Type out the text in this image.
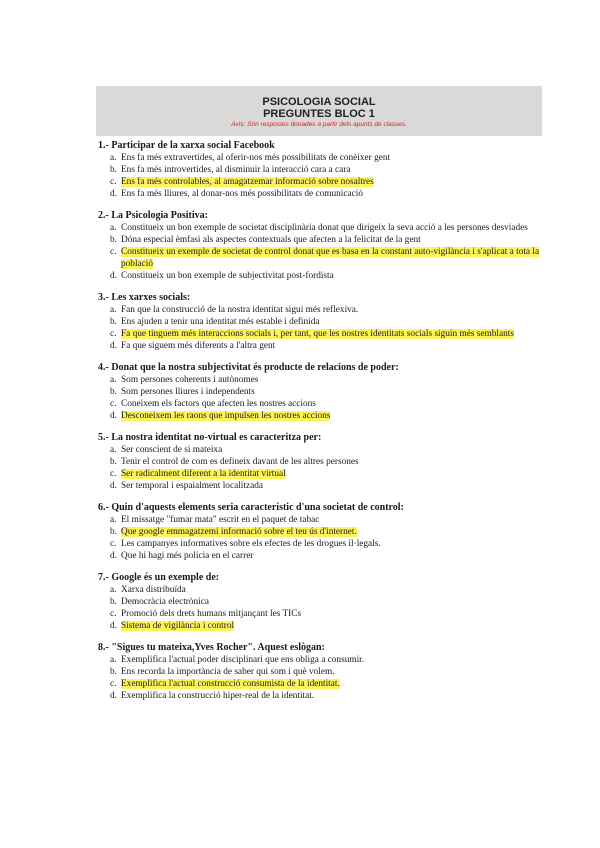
PSICOLOGIA SOCIAL
PREGUNTES BLOC 1
Avís: Són respostes donades a partir dels apunts de classes.
1.- Participar de la xarxa social Facebook
a. Ens fa més extravertides, al oferir-nos més possibilitats de conèixer gent
b. Ens fa més introvertides, al disminuir la interacció cara a cara
c. Ens fa més controlables, al amagatzemar informació sobre nosaltres
d. Ens fa més lliures, al donar-nos més possibilitats de comunicació
2.- La Psicologia Positiva:
a. Constitueix un bon exemple de societat disciplinària donat que dirigeix la seva acció a les persones desviades
b. Dóna especial èmfasi als aspectes contextuals que afecten a la felicitat de la gent
c. Constitueix un exemple de societat de control donat que es basa en la constant auto-vigilància i s'aplicat a tota la població
d. Constitueix un bon exemple de subjectivitat post-fordista
3.- Les xarxes socials:
a. Fan que la construcció de la nostra identitat sigui més reflexiva.
b. Ens ajuden a tenir una identitat més estable i definida
c. Fa que tinguem més interaccions socials i, per tant, que les nostres identitats socials siguin més semblants
d. Fa que siguem més diferents a l'altra gent
4.- Donat que la nostra subjectivitat és producte de relacions de poder:
a. Som persones coherents i autònomes
b. Som persones lliures i independents
c. Coneixem els factors que afecten les nostres accions
d. Desconeixem les raons que impulsen les nostres accions
5.- La nostra identitat no-virtual es caracteritza per:
a. Ser conscient de si mateixa
b. Tenir el control de com es defineix davant de les altres persones
c. Ser radicalment diferent a la identitat virtual
d. Ser temporal i espaialment localitzada
6.- Quin d'aquests elements seria característic d'una societat de control:
a. El missatge "fumar mata" escrit en el paquet de tabac
b. Que google emmagatzemi informació sobre el teu ús d'internet.
c. Les campanyes informatives sobre els efectes de les drogues il·legals.
d. Que hi hagi més policia en el carrer
7.- Google és un exemple de:
a. Xarxa distribuïda
b. Democràcia electrònica
c. Promoció dels drets humans mitjançant les TICs
d. Sistema de vigilància i control
8.- "Sigues tu mateixa,Yves Rocher". Aquest eslògan:
a. Exemplifica l'actual poder disciplinari que ens obliga a consumir.
b. Ens recorda la importància de saber qui som i què volem.
c. Exemplifica l'actual construcció consumista de la identitat.
d. Exemplifica la construcció hiper-real de la identitat.
